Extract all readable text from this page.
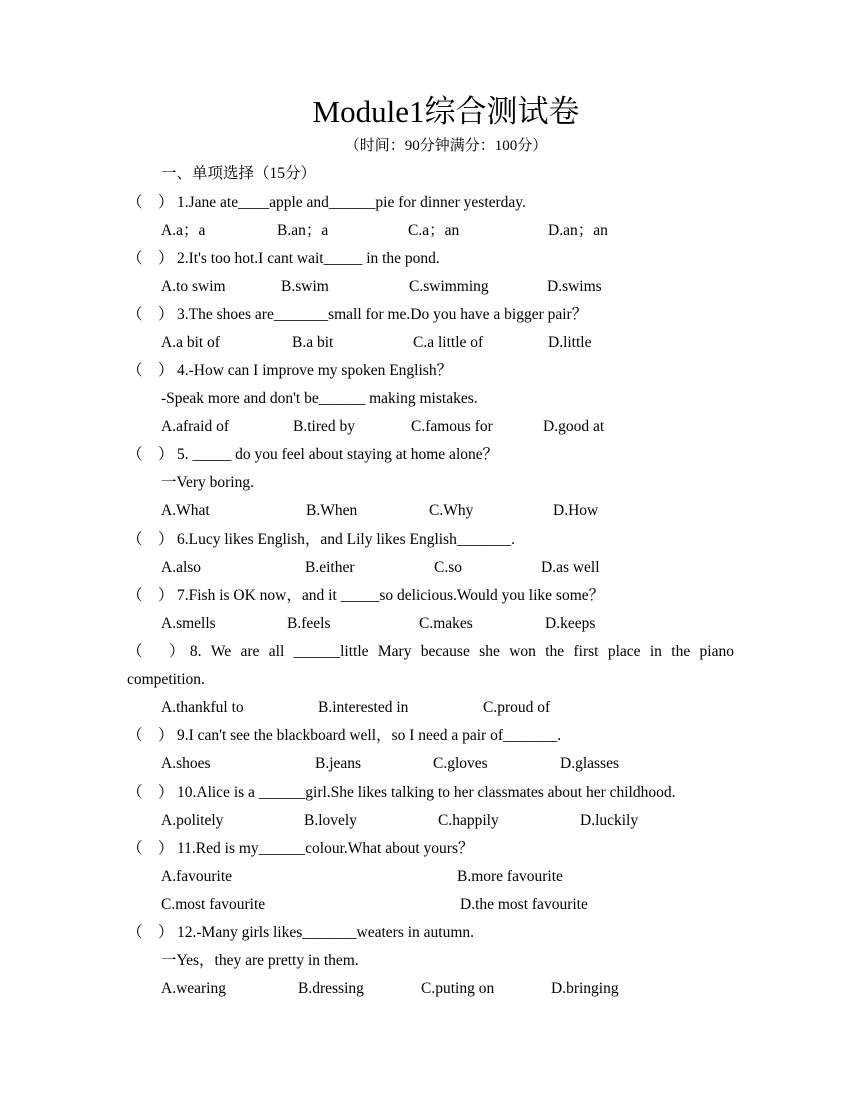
Module1综合测试卷
（时间：90分钟满分：100分）
一、单项选择（15分）
（　） 1.Jane ate____apple and______pie for dinner yesterday.
A.a；a	B.an；a	C.a；an	D.an；an
（　） 2.It's too hot.I cant wait_____ in the pond.
A.to swim	B.swim	C.swimming	D.swims
（　） 3.The shoes are_______small for me.Do you have a bigger pair？
A.a bit of	B.a bit	C.a little of	D.little
（　） 4.-How can I improve my spoken English？
-Speak more and don't be______ making mistakes.
A.afraid of	B.tired by	C.famous for	D.good at
（　） 5. _____ do you feel about staying at home alone？
一Very boring.
A.What	B.When	C.Why	D.How
（　） 6.Lucy likes English，and Lily likes English_______.
A.also	B.either	C.so	D.as well
（　） 7.Fish is OK now，and it _____so delicious.Would you like some？
A.smells	B.feels	C.makes	D.keeps
（　）8. We are all ______little Mary because she won the first place in the piano
competition.
A.thankful to	B.interested in	C.proud of
（　） 9.I can't see the blackboard well，so I need a pair of_______.
A.shoes	B.jeans	C.gloves	D.glasses
（　） 10.Alice is a ______girl.She likes talking to her classmates about her childhood.
A.politely	B.lovely	C.happily	D.luckily
（　） 11.Red is my______colour.What about yours？
A.favourite	B.more favourite
C.most favourite	D.the most favourite
（　） 12.-Many girls likes_______weaters in autumn.
一Yes，they are pretty in them.
A.wearing	B.dressing	C.puting on	D.bringing
